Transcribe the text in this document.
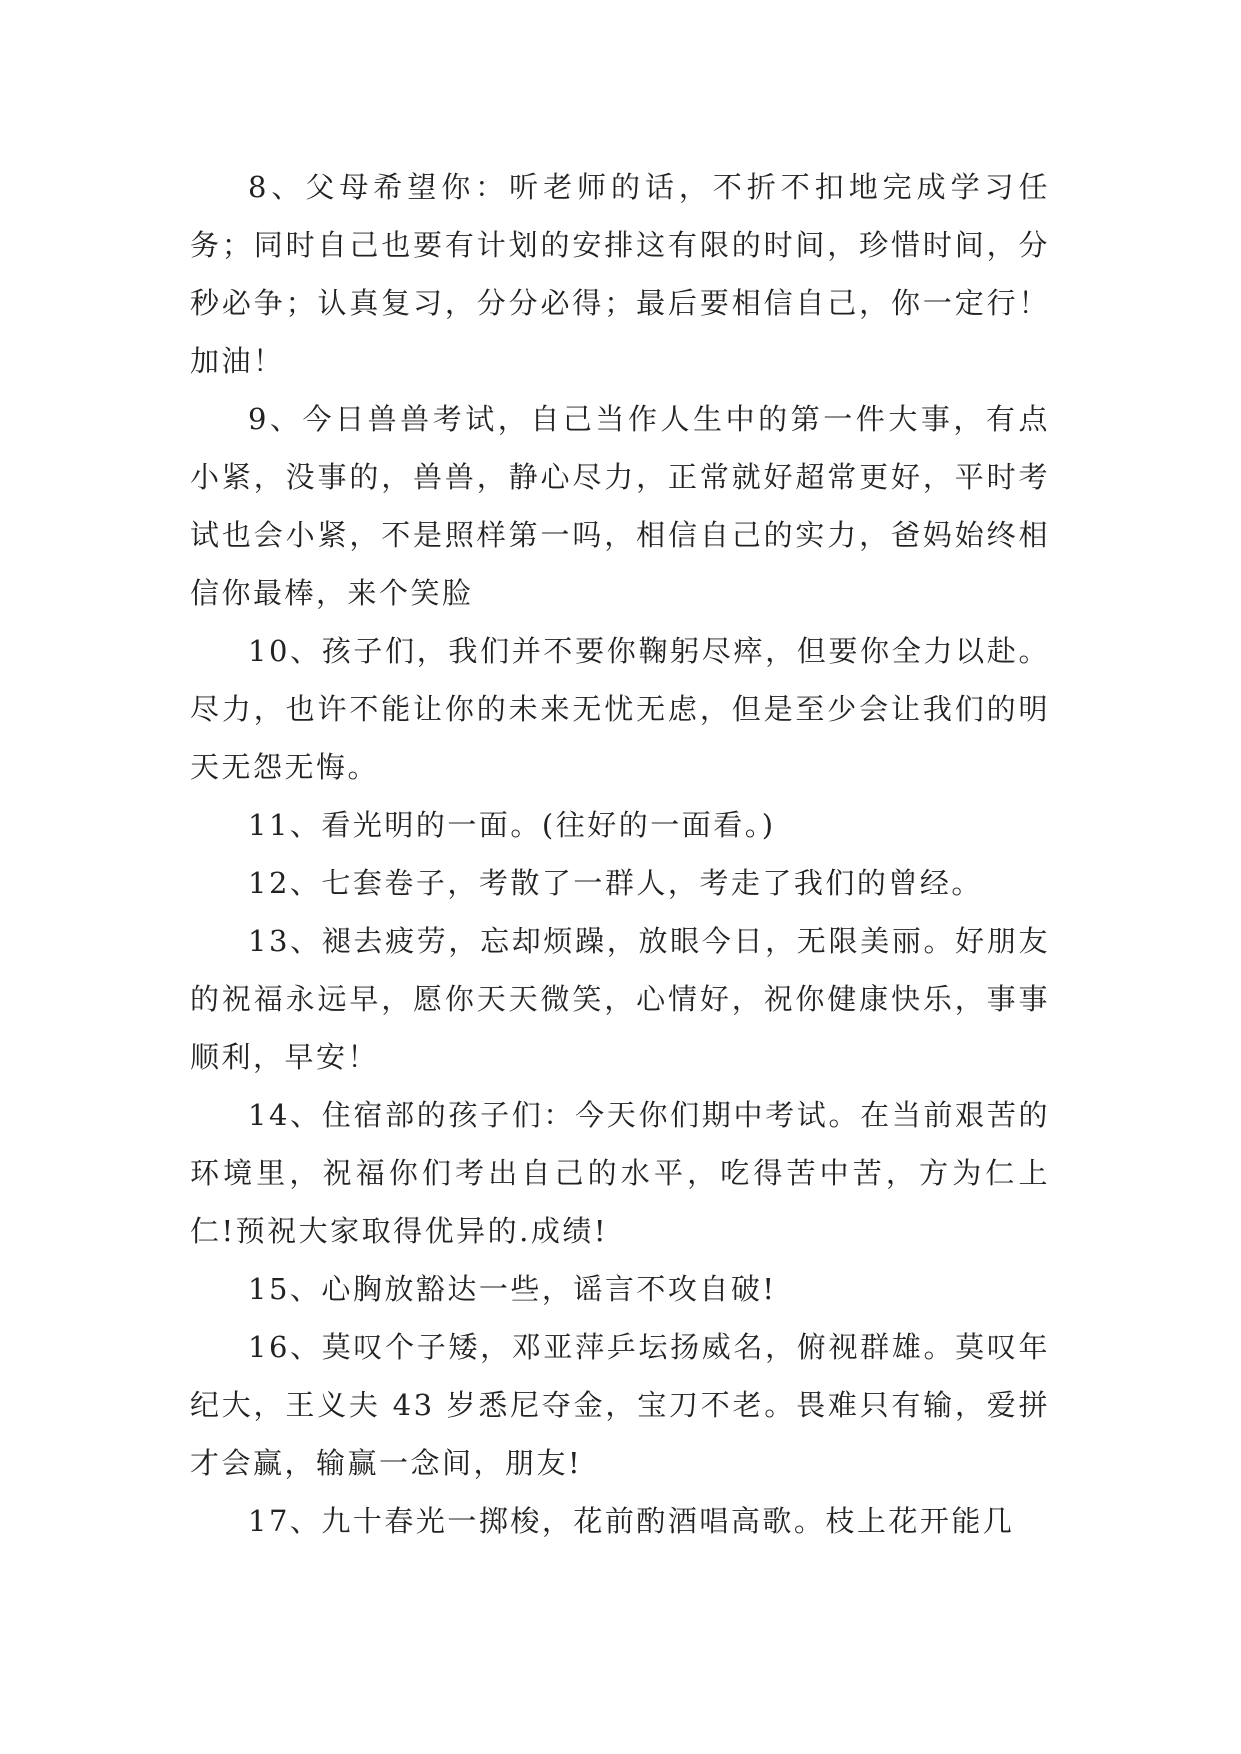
8、父母希望你：听老师的话，不折不扣地完成学习任务；同时自己也要有计划的安排这有限的时间，珍惜时间，分秒必争；认真复习，分分必得；最后要相信自己，你一定行！加油！

9、今日兽兽考试，自己当作人生中的第一件大事，有点小紧，没事的，兽兽，静心尽力，正常就好超常更好，平时考试也会小紧，不是照样第一吗，相信自己的实力，爸妈始终相信你最棒，来个笑脸

10、孩子们，我们并不要你鞠躬尽瘁，但要你全力以赴。尽力，也许不能让你的未来无忧无虑，但是至少会让我们的明天无怨无悔。

11、看光明的一面。(往好的一面看。)

12、七套卷子，考散了一群人，考走了我们的曾经。

13、褪去疲劳，忘却烦躁，放眼今日，无限美丽。好朋友的祝福永远早，愿你天天微笑，心情好，祝你健康快乐，事事顺利，早安！

14、住宿部的孩子们：今天你们期中考试。在当前艰苦的环境里，祝福你们考出自己的水平，吃得苦中苦，方为仁上仁!预祝大家取得优异的.成绩!

15、心胸放豁达一些，谣言不攻自破!

16、莫叹个子矮，邓亚萍乒坛扬威名，俯视群雄。莫叹年纪大，王义夫 43 岁悉尼夺金，宝刀不老。畏难只有输，爱拼才会赢，输赢一念间，朋友!

17、九十春光一掷梭，花前酌酒唱高歌。枝上花开能几
